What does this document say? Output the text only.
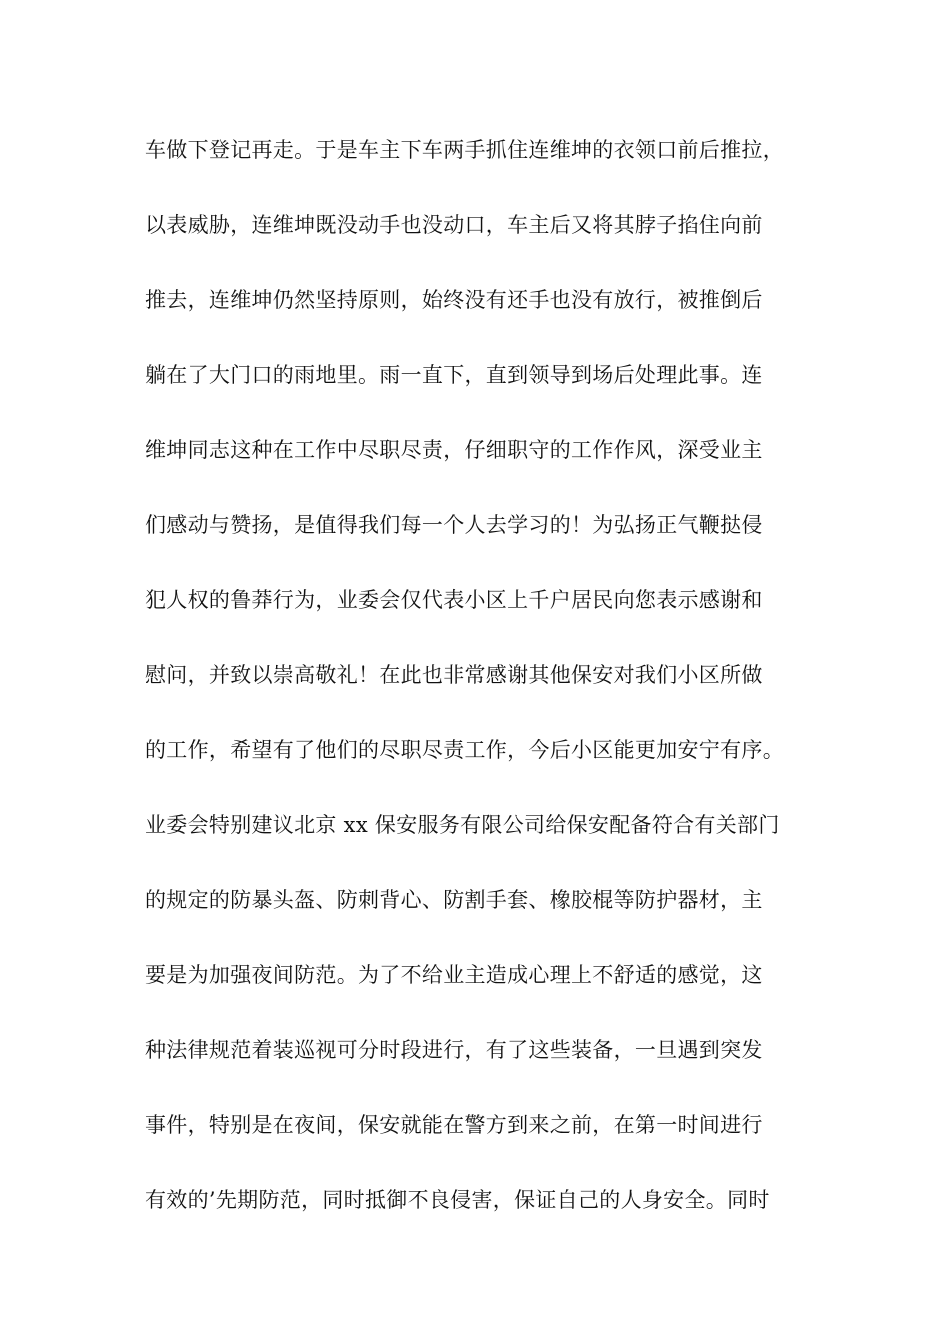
车做下登记再走。于是车主下车两手抓住连维坤的衣领口前后推拉，
以表威胁，连维坤既没动手也没动口，车主后又将其脖子掐住向前
推去，连维坤仍然坚持原则，始终没有还手也没有放行，被推倒后
躺在了大门口的雨地里。雨一直下，直到领导到场后处理此事。连
维坤同志这种在工作中尽职尽责，仔细职守的工作作风，深受业主
们感动与赞扬，是值得我们每一个人去学习的！为弘扬正气鞭挞侵
犯人权的鲁莽行为，业委会仅代表小区上千户居民向您表示感谢和
慰问，并致以崇高敬礼！在此也非常感谢其他保安对我们小区所做
的工作，希望有了他们的尽职尽责工作，今后小区能更加安宁有序。
业委会特别建议北京 xx 保安服务有限公司给保安配备符合有关部门
的规定的防暴头盔、防刺背心、防割手套、橡胶棍等防护器材，主
要是为加强夜间防范。为了不给业主造成心理上不舒适的感觉，这
种法律规范着装巡视可分时段进行，有了这些装备，一旦遇到突发
事件，特别是在夜间，保安就能在警方到来之前，在第一时间进行
有效的’先期防范，同时抵御不良侵害，保证自己的人身安全。同时
